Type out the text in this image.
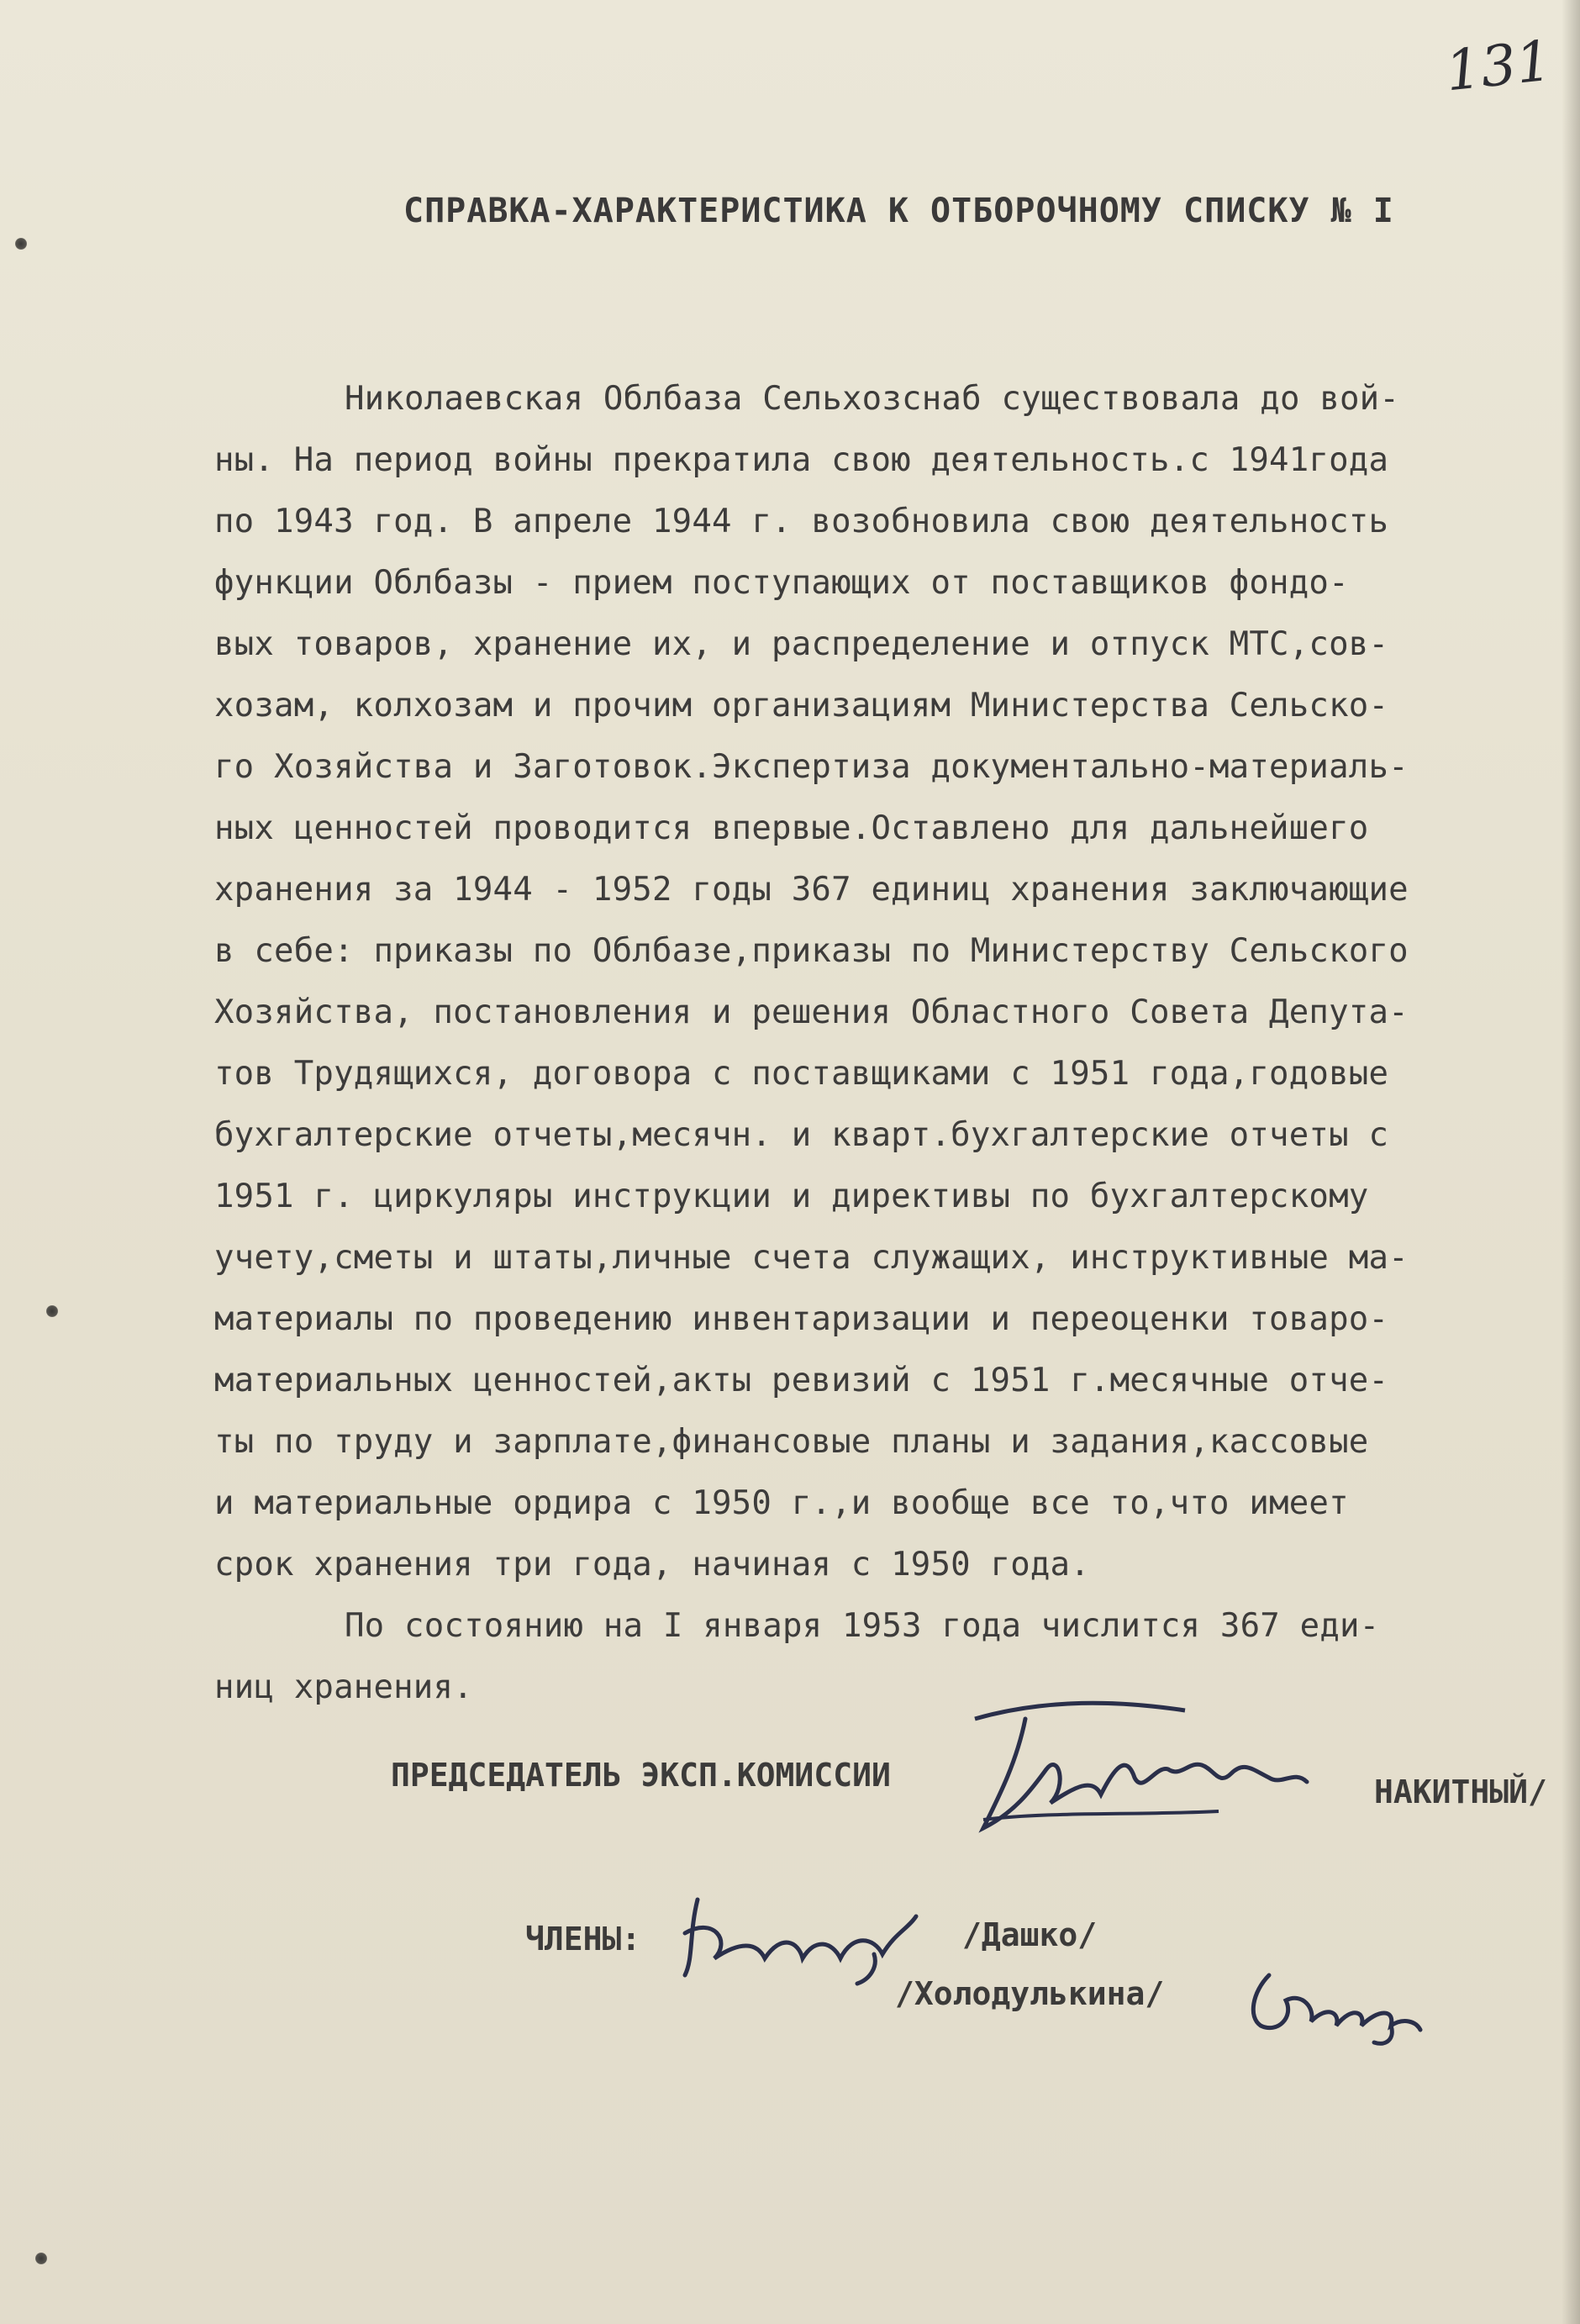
131
СПРАВКА-ХАРАКТЕРИСТИКА К ОТБОРОЧНОМУ СПИСКУ № I
Николаевская Облбаза Сельхозснаб существовала до вой-
ны. На период войны прекратила свою деятельность.с 1941года
по 1943 год. В апреле 1944 г. возобновила свою деятельность
функции Облбазы - прием поступающих от поставщиков фондо-
вых товаров, хранение их, и распределение и отпуск МТС,сов-
хозам, колхозам и прочим организациям Министерства Сельско-
го Хозяйства и Заготовок.Экспертиза документально-материаль-
ных ценностей проводится впервые.Оставлено для дальнейшего
хранения за 1944 - 1952 годы 367 единиц хранения заключающие
в себе: приказы по Облбазе,приказы по Министерству Сельского
Хозяйства, постановления и решения Областного Совета Депута-
тов Трудящихся, договора с поставщиками с 1951 года,годовые
бухгалтерские отчеты,месячн. и кварт.бухгалтерские отчеты с
1951 г. циркуляры инструкции и директивы по бухгалтерскому
учету,сметы и штаты,личные счета служащих, инструктивные ма-
материалы по проведению инвентаризации и переоценки товаро-
материальных ценностей,акты ревизий с 1951 г.месячные отче-
ты по труду и зарплате,финансовые планы и задания,кассовые
и материальные ордира с 1950 г.,и вообще все то,что имеет
срок хранения три года, начиная с 1950 года.
По состоянию на I января 1953 года числится 367 еди-
ниц хранения.
ПРЕДСЕДАТЕЛЬ ЭКСП.КОМИССИИ	НАКИТНЫЙ/
ЧЛЕНЫ:	/Дашко/
/Холодулькина/
